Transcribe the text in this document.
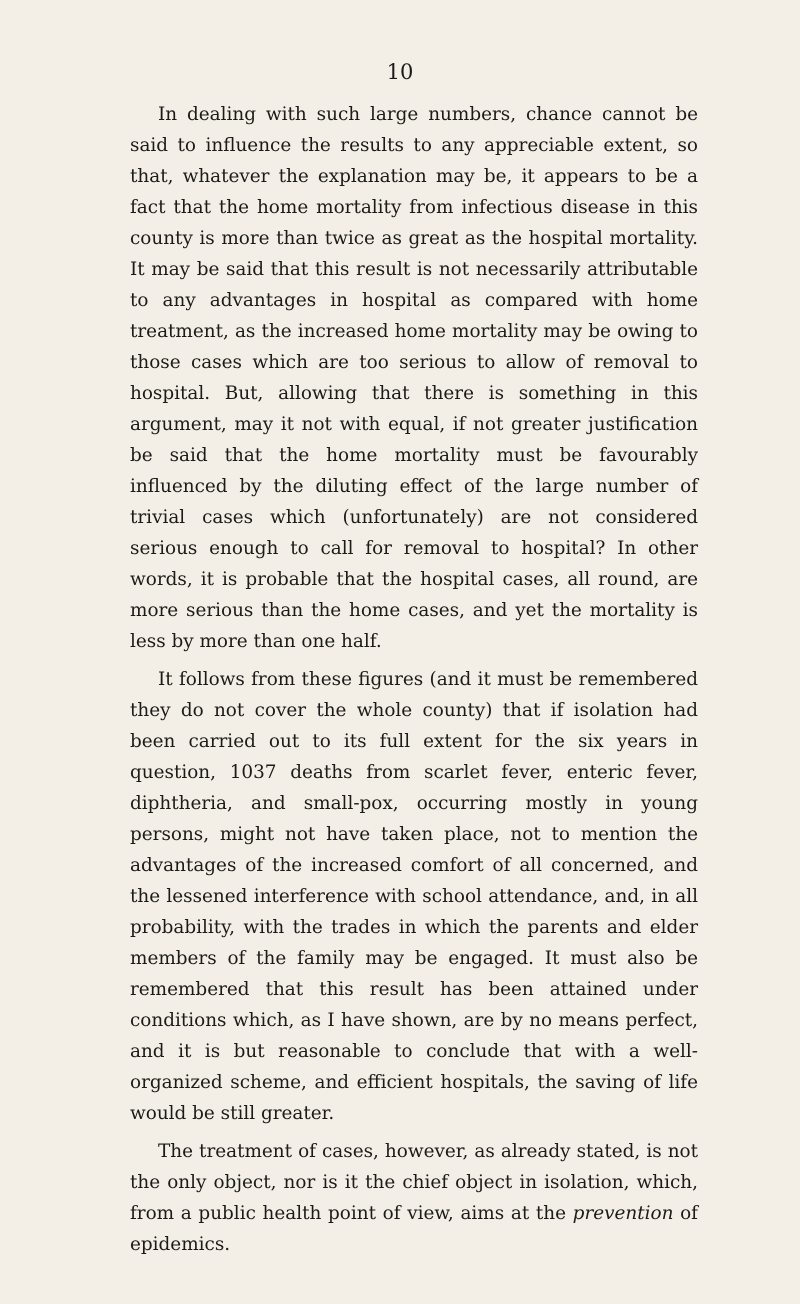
10

In dealing with such large numbers, chance cannot be said to influence the results to any appreciable extent, so that, whatever the explanation may be, it appears to be a fact that the home mortality from infectious disease in this county is more than twice as great as the hospital mortality. It may be said that this result is not necessarily attributable to any advantages in hospital as compared with home treatment, as the increased home mortality may be owing to those cases which are too serious to allow of removal to hospital. But, allowing that there is something in this argument, may it not with equal, if not greater justification be said that the home mortality must be favourably influenced by the diluting effect of the large number of trivial cases which (unfortunately) are not considered serious enough to call for removal to hospital? In other words, it is probable that the hospital cases, all round, are more serious than the home cases, and yet the mortality is less by more than one half.

It follows from these figures (and it must be remembered they do not cover the whole county) that if isolation had been carried out to its full extent for the six years in question, 1037 deaths from scarlet fever, enteric fever, diphtheria, and small-pox, occurring mostly in young persons, might not have taken place, not to mention the advantages of the increased comfort of all concerned, and the lessened interference with school attendance, and, in all probability, with the trades in which the parents and elder members of the family may be engaged. It must also be remembered that this result has been attained under conditions which, as I have shown, are by no means perfect, and it is but reasonable to conclude that with a well-organized scheme, and efficient hospitals, the saving of life would be still greater.

The treatment of cases, however, as already stated, is not the only object, nor is it the chief object in isolation, which, from a public health point of view, aims at the prevention of epidemics.
